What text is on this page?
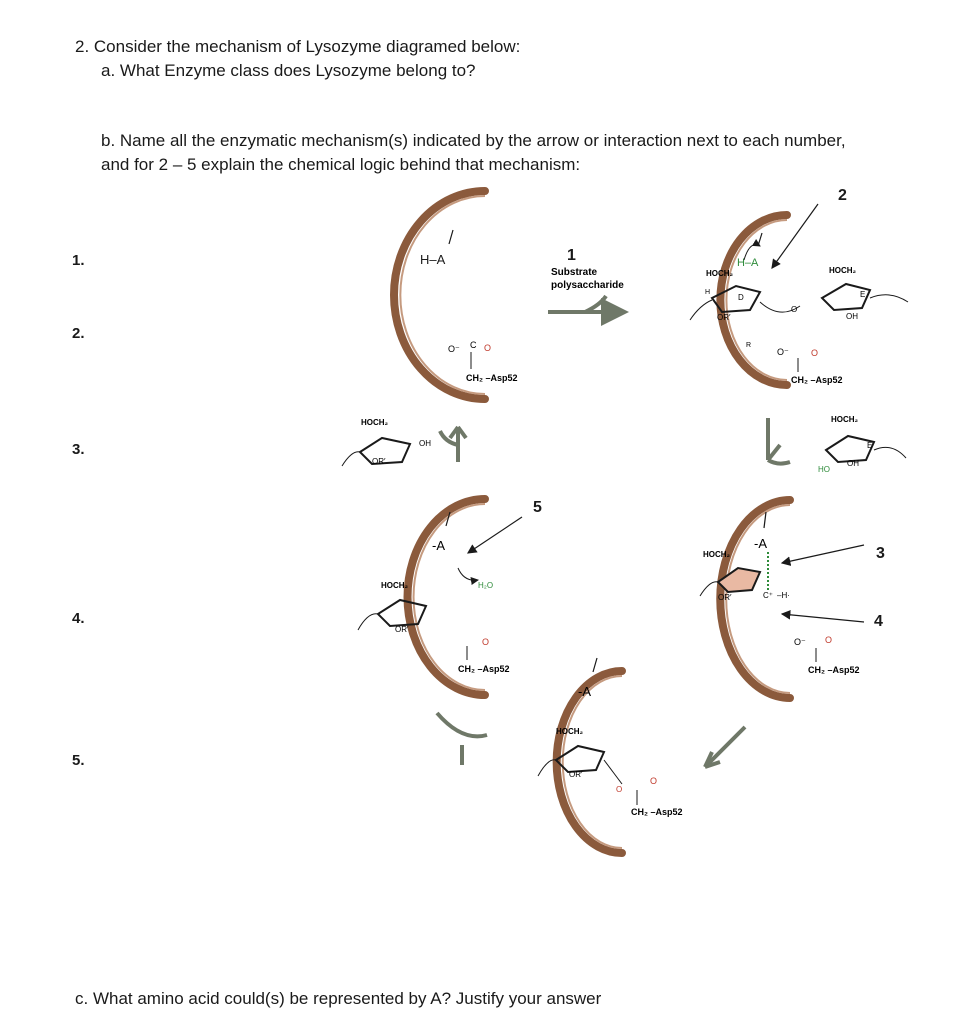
2. Consider the mechanism of Lysozyme diagramed below:
a. What Enzyme class does Lysozyme belong to?
b. Name all the enzymatic mechanism(s) indicated by the arrow or interaction next to each number,
and for 2 – 5 explain the chemical logic behind that mechanism:
c. What amino acid could(s) be represented by A? Justify your answer
1.
2.
3.
4.
5.
1
2
3
4
5
Substrate
polysaccharide
H–A
O⁻ C O
CH₂ –Asp52
H–A
HOCH₂
D
OR′
H
R
O
HOCH₂
E
OH
O⁻ O
CH₂ –Asp52
HOCH₂
OH
OR′
HOCH₂
E
HO
OH
-A
H₂O
HOCH₂
OR′
O
CH₂ –Asp52
-A
HOCH₂
OR′	C⁺ –H·
O⁻ O
CH₂ –Asp52
-A
HOCH₂
OR′
O
O
CH₂ –Asp52
